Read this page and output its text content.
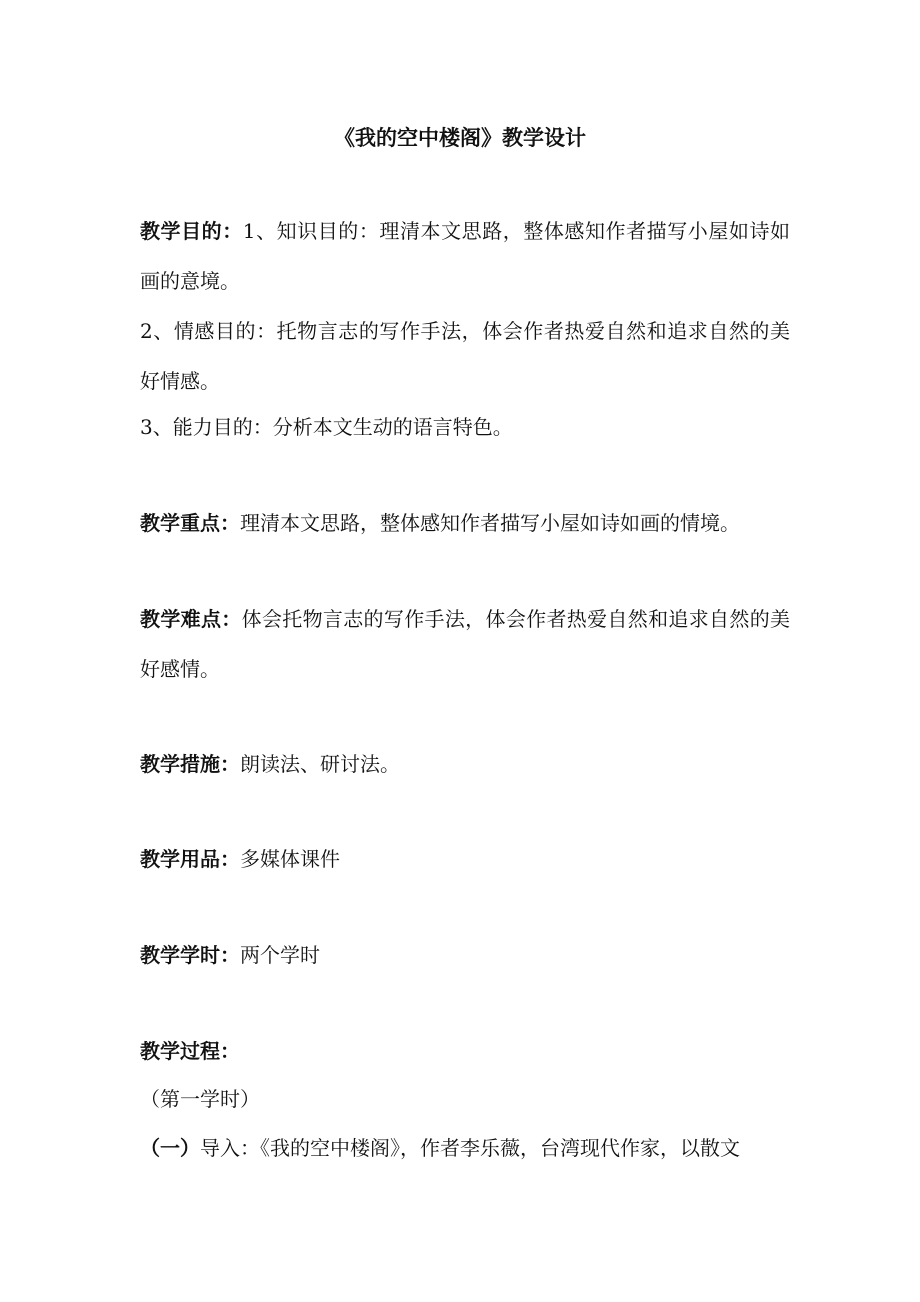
《我的空中楼阁》教学设计

教学目的：1、知识目的：理清本文思路，整体感知作者描写小屋如诗如画的意境。

2、情感目的：托物言志的写作手法，体会作者热爱自然和追求自然的美好情感。

3、能力目的：分析本文生动的语言特色。

教学重点：理清本文思路，整体感知作者描写小屋如诗如画的情境。

教学难点：体会托物言志的写作手法，体会作者热爱自然和追求自然的美好感情。

教学措施：朗读法、研讨法。

教学用品：多媒体课件

教学学时：两个学时

教学过程：

（第一学时）

（一）导入：《我的空中楼阁》，作者李乐薇，台湾现代作家，以散文
